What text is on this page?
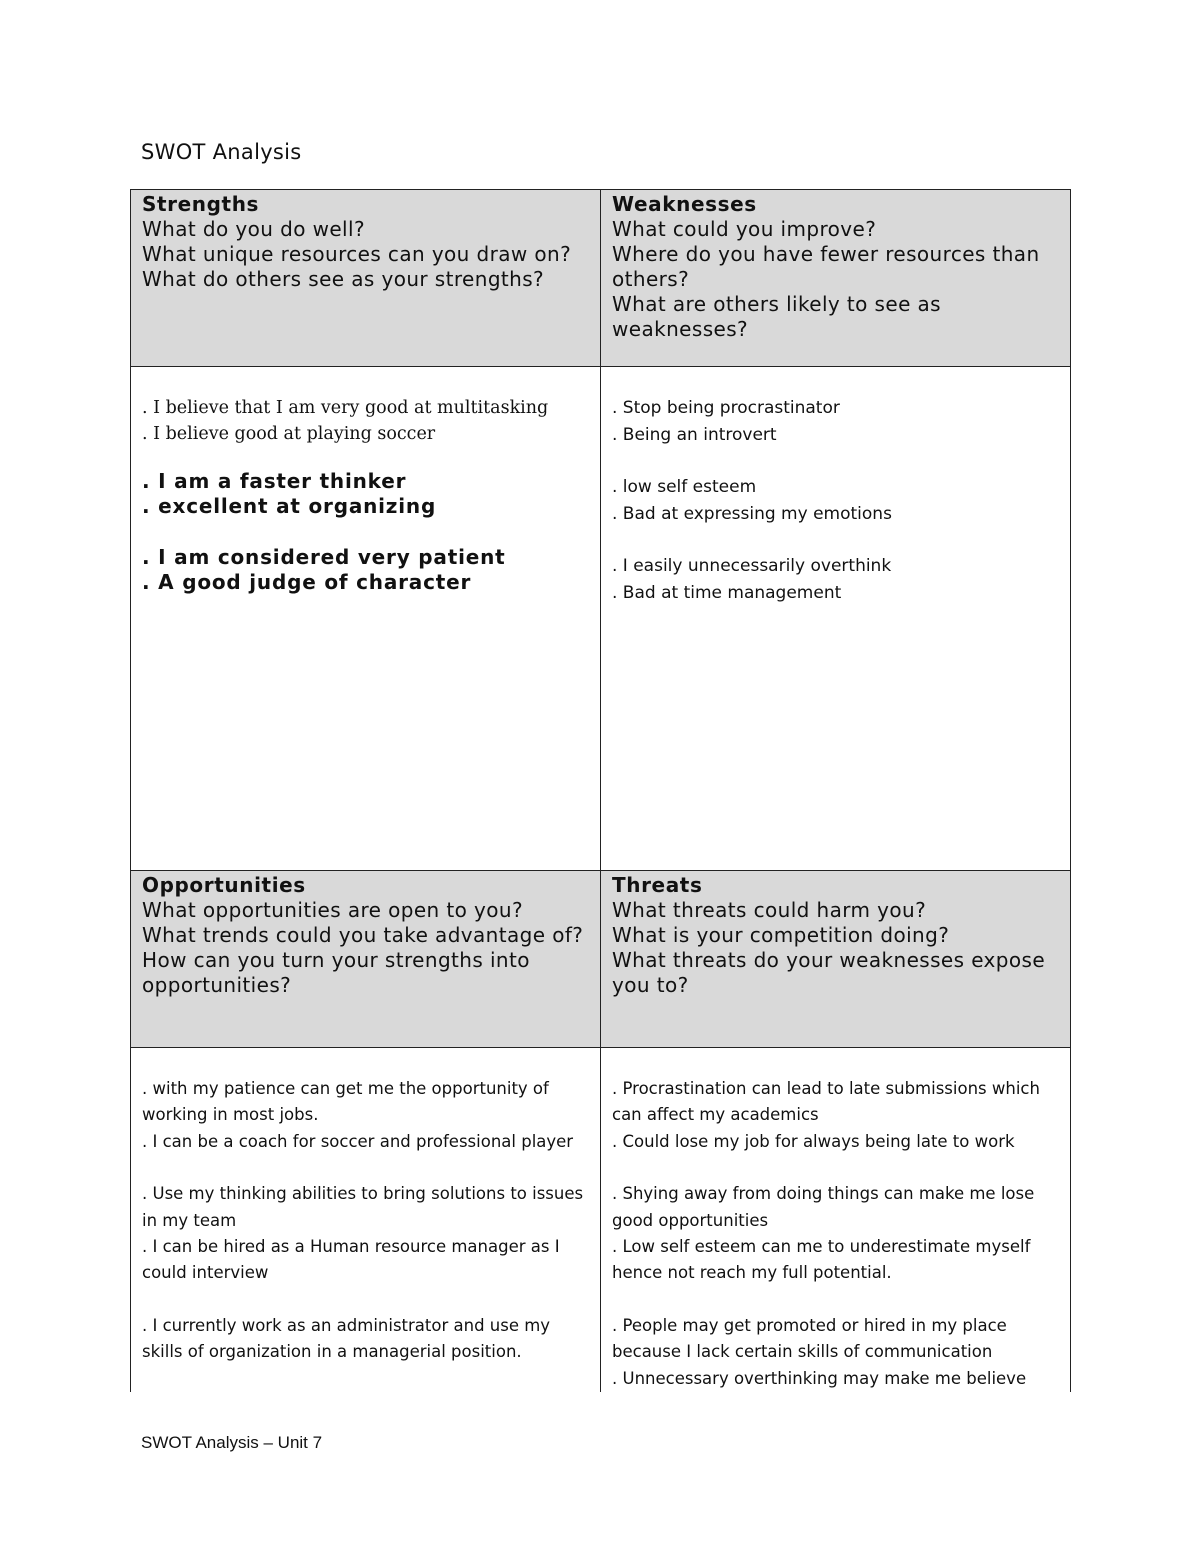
SWOT Analysis

Strengths

What do you do well?

What unique resources can you draw on?

What do others see as your strengths?

Weaknesses

What could you improve?

Where do you have fewer resources than others?

What are others likely to see as weaknesses?

. I believe that I am very good at multitasking

. I believe good at playing soccer

. I am a faster thinker

. excellent at organizing

. I am considered very patient

. A good judge of character

. Stop being procrastinator

. Being an introvert

. low self esteem

. Bad at expressing my emotions

. I easily unnecessarily overthink

. Bad at time management

Opportunities

What opportunities are open to you?

What trends could you take advantage of?

How can you turn your strengths into opportunities?

Threats

What threats could harm you?

What is your competition doing?

What threats do your weaknesses expose you to?

. with my patience can get me the opportunity of working in most jobs.

. I can be a coach for soccer and professional player

. Use my thinking abilities to bring solutions to issues in my team

. I can be hired as a Human resource manager as I could interview

. I currently work as an administrator and use my skills of organization in a managerial position.

. Procrastination can lead to late submissions which can affect my academics

. Could lose my job for always being late to work

. Shying away from doing things can make me lose good opportunities

. Low self esteem can me to underestimate myself hence not reach my full potential.

. People may get promoted or hired in my place because I lack certain skills of communication

. Unnecessary overthinking may make me believe

SWOT Analysis – Unit 7
